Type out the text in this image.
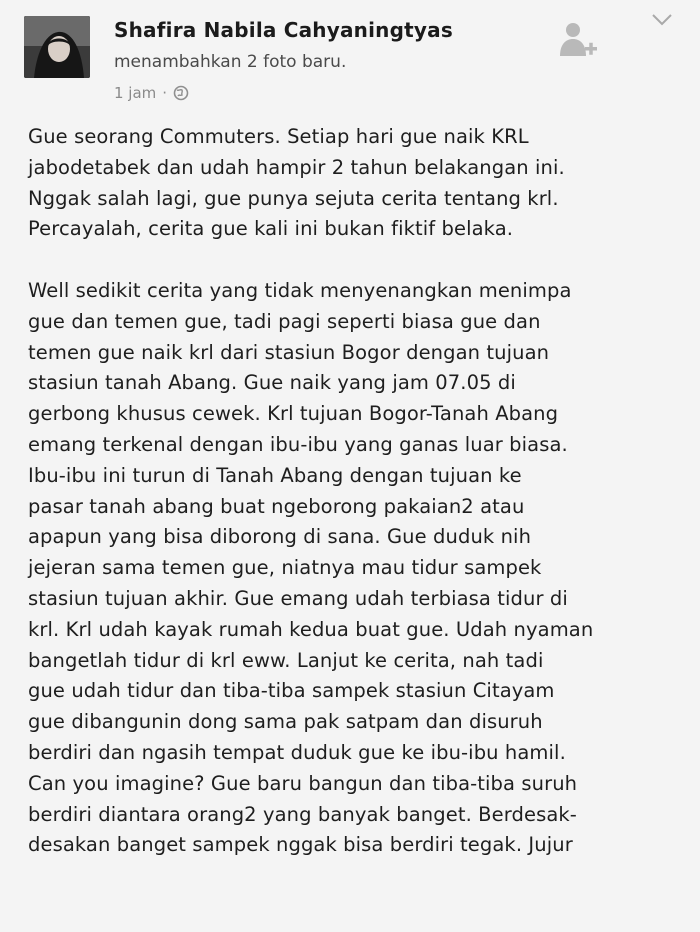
Shafira Nabila Cahyaningtyas
menambahkan 2 foto baru.
1 jam ·

Gue seorang Commuters. Setiap hari gue naik KRL
jabodetabek dan udah hampir 2 tahun belakangan ini.
Nggak salah lagi, gue punya sejuta cerita tentang krl.
Percayalah, cerita gue kali ini bukan fiktif belaka.

Well sedikit cerita yang tidak menyenangkan menimpa
gue dan temen gue, tadi pagi seperti biasa gue dan
temen gue naik krl dari stasiun Bogor dengan tujuan
stasiun tanah Abang. Gue naik yang jam 07.05 di
gerbong khusus cewek. Krl tujuan Bogor-Tanah Abang
emang terkenal dengan ibu-ibu yang ganas luar biasa.
Ibu-ibu ini turun di Tanah Abang dengan tujuan ke
pasar tanah abang buat ngeborong pakaian2 atau
apapun yang bisa diborong di sana. Gue duduk nih
jejeran sama temen gue, niatnya mau tidur sampek
stasiun tujuan akhir. Gue emang udah terbiasa tidur di
krl. Krl udah kayak rumah kedua buat gue. Udah nyaman
bangetlah tidur di krl eww. Lanjut ke cerita, nah tadi
gue udah tidur dan tiba-tiba sampek stasiun Citayam
gue dibangunin dong sama pak satpam dan disuruh
berdiri dan ngasih tempat duduk gue ke ibu-ibu hamil.
Can you imagine? Gue baru bangun dan tiba-tiba suruh
berdiri diantara orang2 yang banyak banget. Berdesak-
desakan banget sampek nggak bisa berdiri tegak. Jujur
